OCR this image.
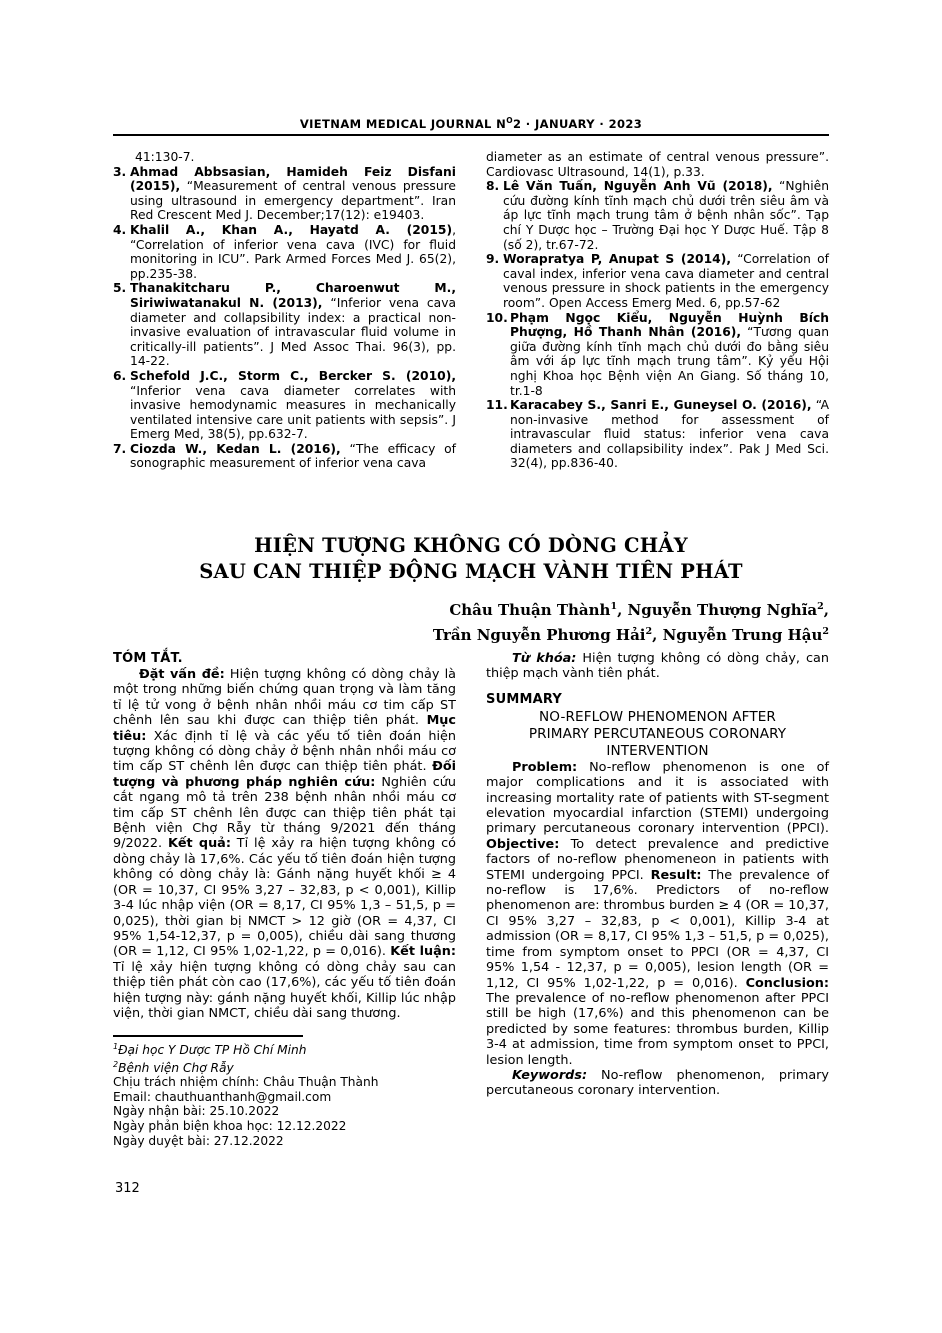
VIETNAM MEDICAL JOURNAL $N^O2$ · JANUARY · 2023

41:130-7.

3. Ahmad Abbsasian, Hamideh Feiz Disfani (2015), “Measurement of central venous pressure using ultrasound in emergency department”. Iran Red Crescent Med J. December;17(12): e19403.
4. Khalil A., Khan A., Hayatd A. (2015), “Correlation of inferior vena cava (IVC) for fluid monitoring in ICU”. Park Armed Forces Med J. 65(2), pp.235-38.
5. Thanakitcharu P., Charoenwut M., Siriwiwatanakul N. (2013), “Inferior vena cava diameter and collapsibility index: a practical non-invasive evaluation of intravascular fluid volume in critically-ill patients”. J Med Assoc Thai. 96(3), pp. 14-22.
6. Schefold J.C., Storm C., Bercker S. (2010), “Inferior vena cava diameter correlates with invasive hemodynamic measures in mechanically ventilated intensive care unit patients with sepsis”. J Emerg Med, 38(5), pp.632-7.
7. Ciozda W., Kedan L. (2016), “The efficacy of sonographic measurement of inferior vena cava

diameter as an estimate of central venous pressure”. Cardiovasc Ultrasound, 14(1), p.33.

8. Lê Văn Tuấn, Nguyễn Anh Vũ (2018), “Nghiên cứu đường kính tĩnh mạch chủ dưới trên siêu âm và áp lực tĩnh mạch trung tâm ở bệnh nhân sốc”. Tạp chí Y Dược học – Trường Đại học Y Dược Huế. Tập 8 (số 2), tr.67-72.
9. Worapratya P, Anupat S (2014), “Correlation of caval index, inferior vena cava diameter and central venous pressure in shock patients in the emergency room”. Open Access Emerg Med. 6, pp.57-62
10. Phạm Ngọc Kiểu, Nguyễn Huỳnh Bích Phượng, Hồ Thanh Nhân (2016), “Tương quan giữa đường kính tĩnh mạch chủ dưới đo bằng siêu âm với áp lực tĩnh mạch trung tâm”. Kỷ yếu Hội nghị Khoa học Bệnh viện An Giang. Số tháng 10, tr.1-8
11. Karacabey S., Sanri E., Guneysel O. (2016), “A non-invasive method for assessment of intravascular fluid status: inferior vena cava diameters and collapsibility index”. Pak J Med Sci. 32(4), pp.836-40.
HIỆN TƯỢNG KHÔNG CÓ DÒNG CHẢY
SAU CAN THIỆP ĐỘNG MẠCH VÀNH TIÊN PHÁT
Châu Thuận Thành$^1$, Nguyễn Thượng Nghĩa$^2$,
Trần Nguyễn Phương Hải$^2$, Nguyễn Trung Hậu$^2$
TÓM TẮT.

Đặt vấn đề: Hiện tượng không có dòng chảy là một trong những biến chứng quan trọng và làm tăng tỉ lệ tử vong ở bệnh nhân nhồi máu cơ tim cấp ST chênh lên sau khi được can thiệp tiên phát. Mục tiêu: Xác định tỉ lệ và các yếu tố tiên đoán hiện tượng không có dòng chảy ở bệnh nhân nhồi máu cơ tim cấp ST chênh lên được can thiệp tiên phát. Đối tượng và phương pháp nghiên cứu: Nghiên cứu cắt ngang mô tả trên 238 bệnh nhân nhồi máu cơ tim cấp ST chênh lên được can thiệp tiên phát tại Bệnh viện Chợ Rẫy từ tháng 9/2021 đến tháng 9/2022. Kết quả: Tỉ lệ xảy ra hiện tượng không có dòng chảy là 17,6%. Các yếu tố tiên đoán hiện tượng không có dòng chảy là: Gánh nặng huyết khối ≥ 4 (OR = 10,37, CI 95% 3,27 – 32,83, p < 0,001), Killip 3-4 lúc nhập viện (OR = 8,17, CI 95% 1,3 – 51,5, p = 0,025), thời gian bị NMCT > 12 giờ (OR = 4,37, CI 95% 1,54-12,37, p = 0,005), chiều dài sang thương (OR = 1,12, CI 95% 1,02-1,22, p = 0,016). Kết luận: Tỉ lệ xảy hiện tượng không có dòng chảy sau can thiệp tiên phát còn cao (17,6%), các yếu tố tiên đoán hiện tượng này: gánh nặng huyết khối, Killip lúc nhập viện, thời gian NMCT, chiều dài sang thương.

$^1$Đại học Y Dược TP Hồ Chí Minh
$^2$Bệnh viện Chợ Rẫy
Chịu trách nhiệm chính: Châu Thuận Thành
Email: chauthuanthanh@gmail.com
Ngày nhận bài: 25.10.2022
Ngày phản biện khoa học: 12.12.2022
Ngày duyệt bài: 27.12.2022

Từ khóa: Hiện tượng không có dòng chảy, can thiệp mạch vành tiên phát.

SUMMARY
NO-REFLOW PHENOMENON AFTER
PRIMARY PERCUTANEOUS CORONARY
INTERVENTION

Problem: No-reflow phenomenon is one of major complications and it is associated with increasing mortality rate of patients with ST-segment elevation myocardial infarction (STEMI) undergoing primary percutaneous coronary intervention (PPCI). Objective: To detect prevalence and predictive factors of no-reflow phenomeneon in patients with STEMI undergoing PPCI. Result: The prevalence of no-reflow is 17,6%. Predictors of no-reflow phenomenon are: thrombus burden ≥ 4 (OR = 10,37, CI 95% 3,27 – 32,83, p < 0,001), Killip 3-4 at admission (OR = 8,17, CI 95% 1,3 – 51,5, p = 0,025), time from symptom onset to PPCI (OR = 4,37, CI 95% 1,54 - 12,37, p = 0,005), lesion length (OR = 1,12, CI 95% 1,02-1,22, p = 0,016). Conclusion: The prevalence of no-reflow phenomenon after PPCI still be high (17,6%) and this phenomenon can be predicted by some features: thrombus burden, Killip 3-4 at admission, time from symptom onset to PPCI, lesion length.

Keywords: No-reflow phenomenon, primary percutaneous coronary intervention.

312
